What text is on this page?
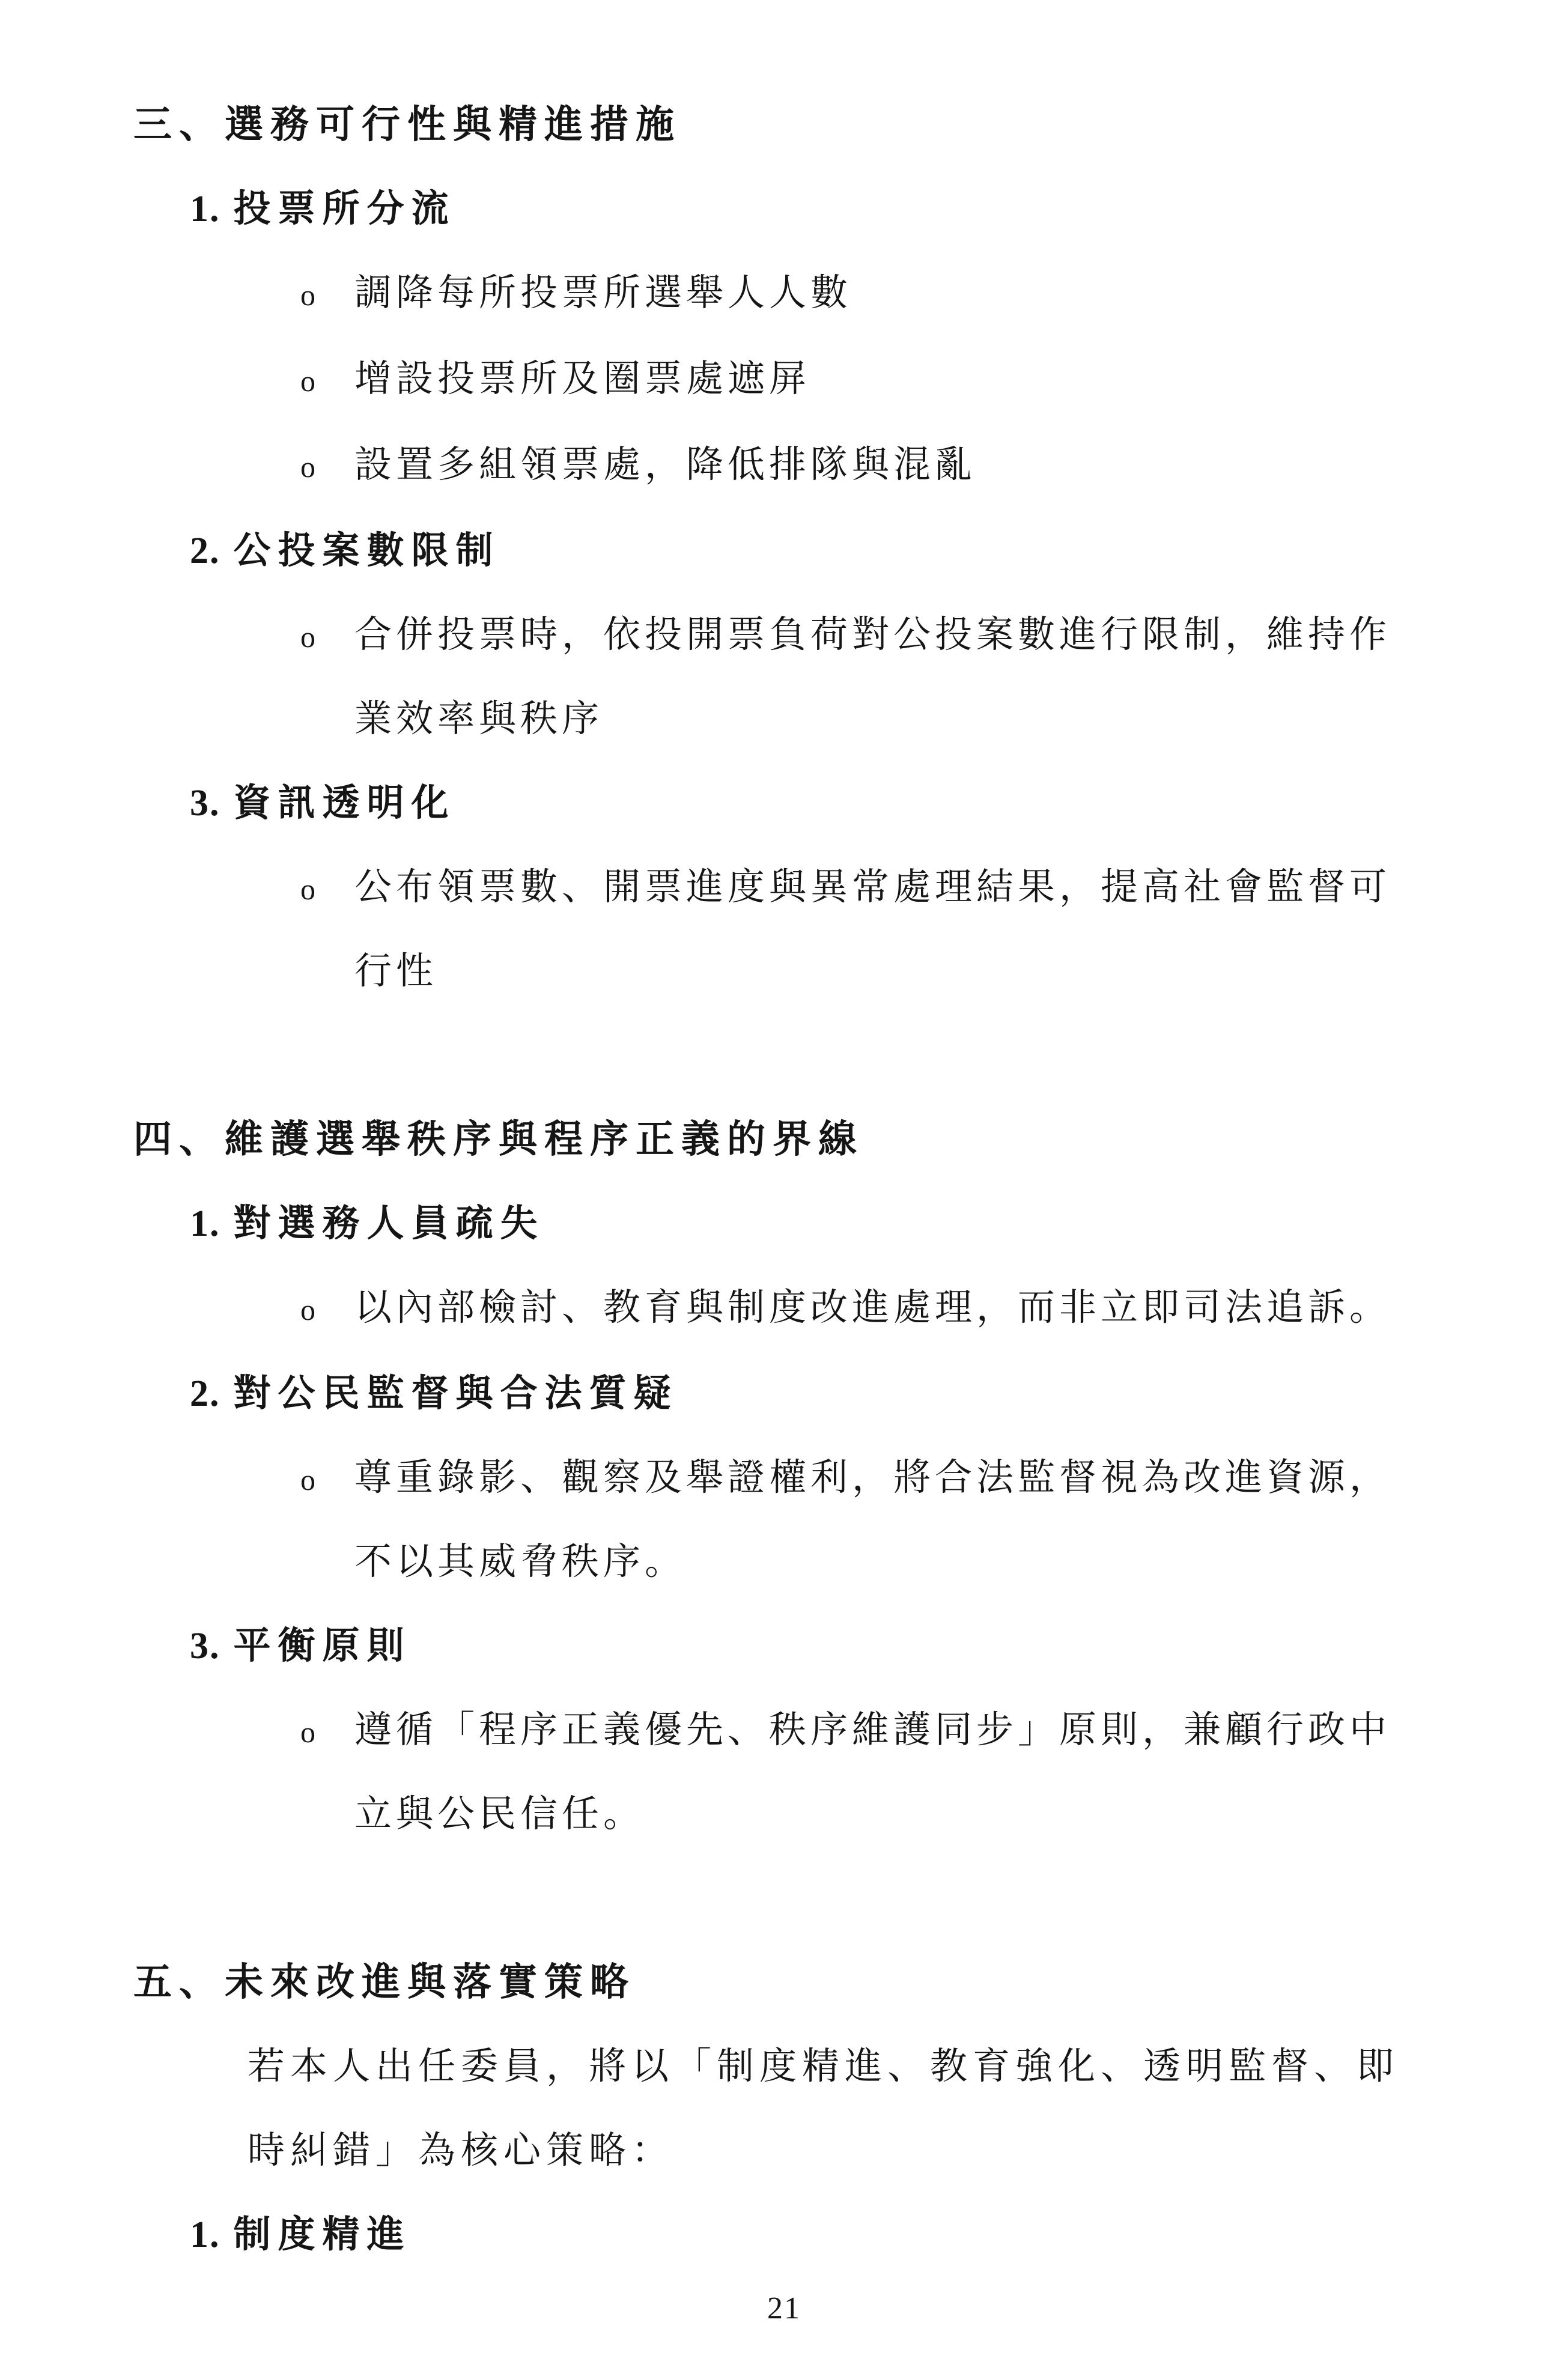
三、選務可行性與精進措施
1. 投票所分流
o	調降每所投票所選舉人人數
o	增設投票所及圈票處遮屏
o	設置多組領票處，降低排隊與混亂
2. 公投案數限制
o	合併投票時，依投開票負荷對公投案數進行限制，維持作業效率與秩序
3. 資訊透明化
o	公布領票數、開票進度與異常處理結果，提高社會監督可行性
四、維護選舉秩序與程序正義的界線
1. 對選務人員疏失
o	以內部檢討、教育與制度改進處理，而非立即司法追訴。
2. 對公民監督與合法質疑
o	尊重錄影、觀察及舉證權利，將合法監督視為改進資源，不以其威脅秩序。
3. 平衡原則
o	遵循「程序正義優先、秩序維護同步」原則，兼顧行政中立與公民信任。
五、未來改進與落實策略

若本人出任委員，將以「制度精進、教育強化、透明監督、即時糾錯」為核心策略：

1. 制度精進
21
